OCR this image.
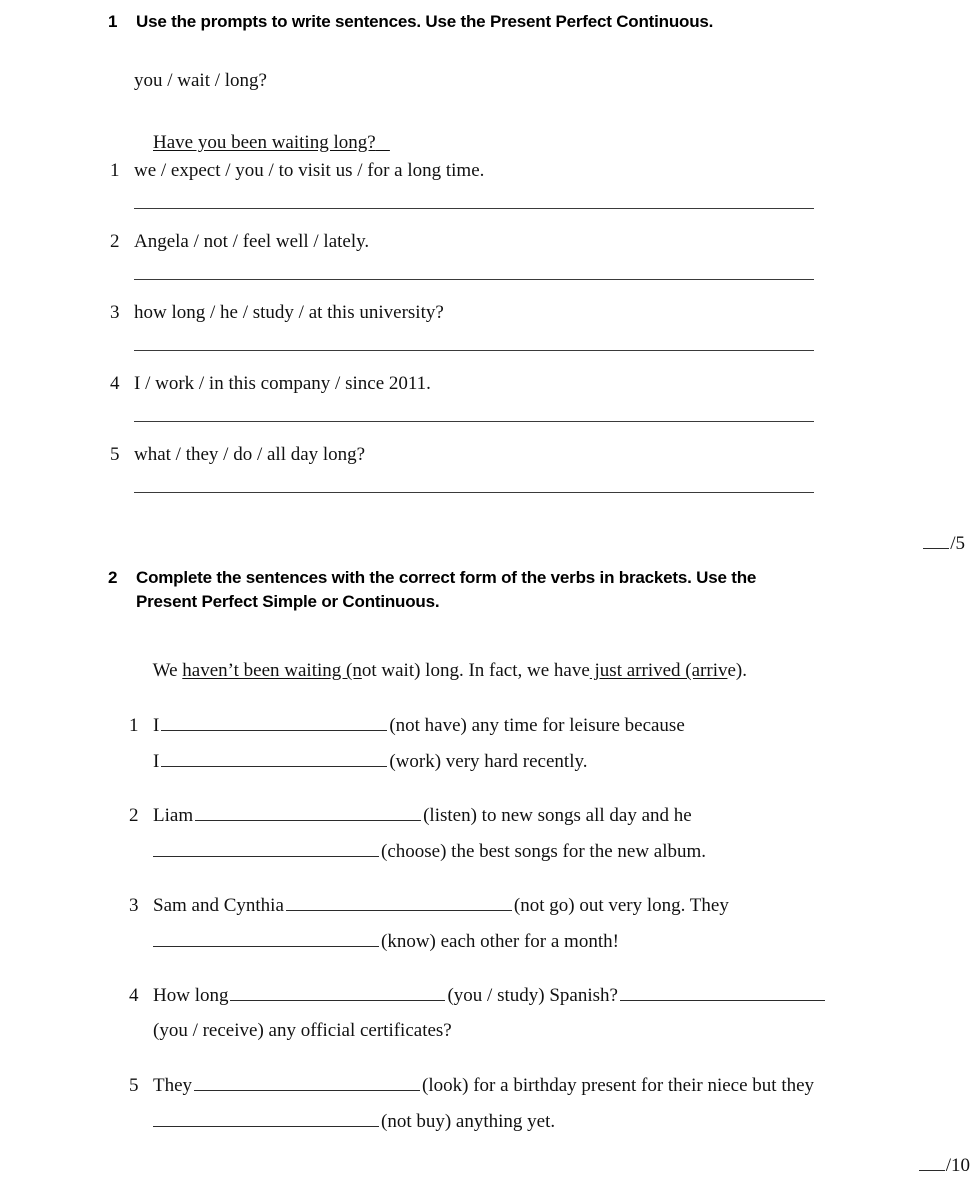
1	Use the prompts to write sentences. Use the Present Perfect Continuous.
you / wait / long?

Have you been waiting long?

1 we / expect / you / to visit us / for a long time.
2 Angela / not / feel well / lately.
3 how long / he / study / at this university?
4 I / work / in this company / since 2011.
5 what / they / do / all day long?

/5

2	Complete the sentences with the correct form of the verbs in brackets. Use the
Present Perfect Simple or Continuous.

We haven’t been waiting (not wait) long. In fact, we have just arrived (arrive).

1 I	(not have) any time for leisure because

I	(work) very hard recently.

2 Liam	(listen) to new songs all day and he

(choose) the best songs for the new album.

3 Sam and Cynthia	(not go) out very long. They

(know) each other for a month!

4 How long	(you / study) Spanish?

(you / receive) any official certificates?

5 They	(look) for a birthday present for their niece but they

(not buy) anything yet.

/10
